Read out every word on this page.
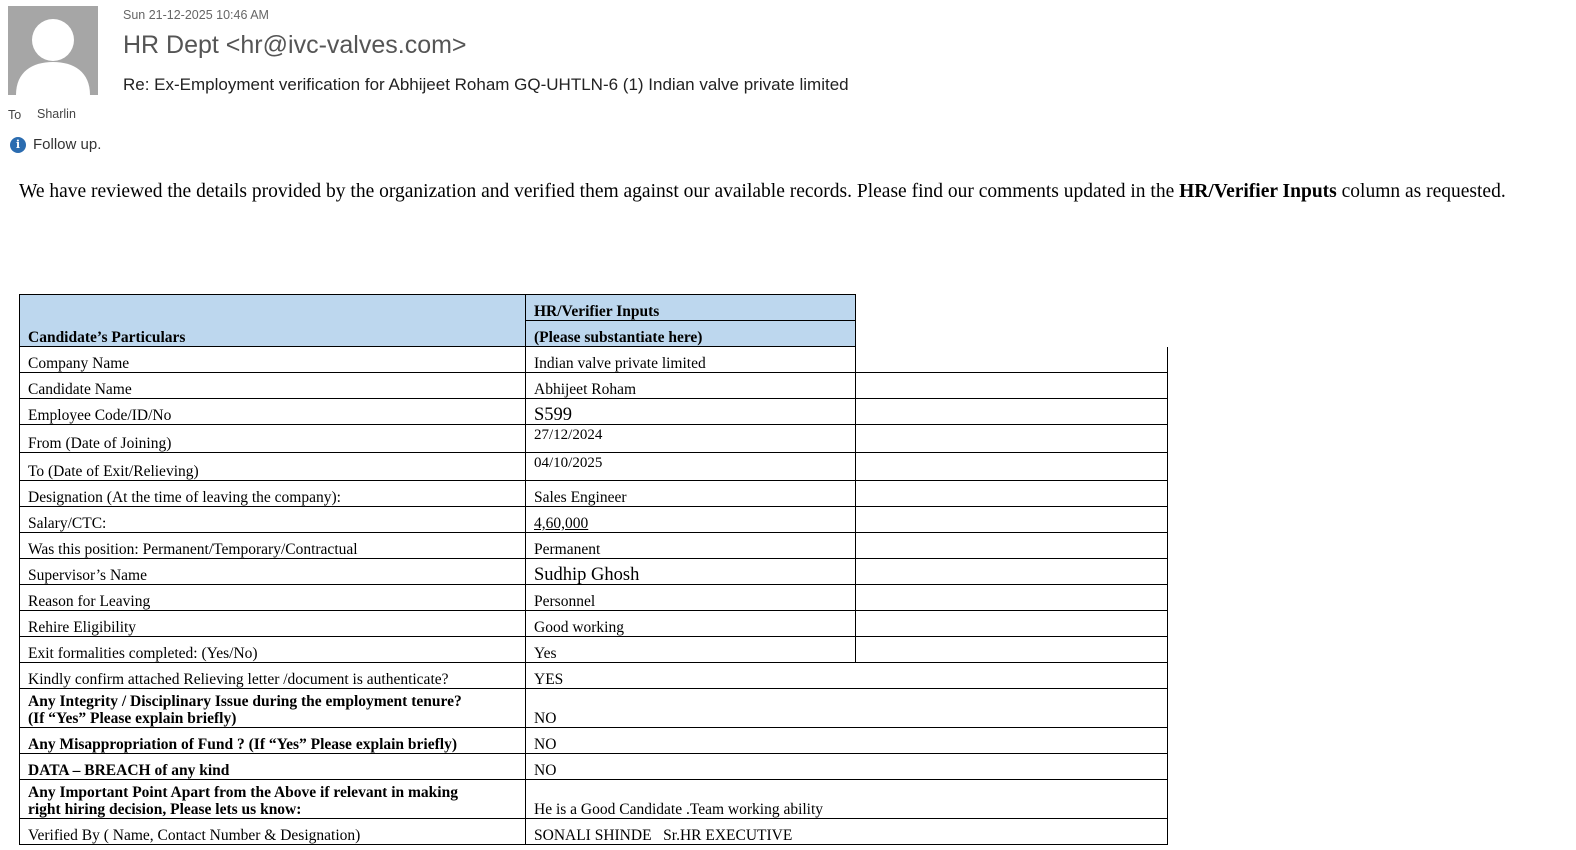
Sun 21-12-2025 10:46 AM
HR Dept <hr@ivc-valves.com>
Re: Ex-Employment verification for Abhijeet Roham GQ-UHTLN-6 (1) Indian valve private limited
To Sharlin
i Follow up.
We have reviewed the details provided by the organization and verified them against our available records. Please find our comments updated in the HR/Verifier Inputs column as requested.
Candidate’s Particulars	HR/Verifier Inputs	
	(Please substantiate here)	
Company Name	Indian valve private limited	
Candidate Name	Abhijeet Roham	
Employee Code/ID/No	S599	
From (Date of Joining)	27/12/2024	
To (Date of Exit/Relieving)	04/10/2025	
Designation (At the time of leaving the company):	Sales Engineer	
Salary/CTC:	4,60,000	
Was this position: Permanent/Temporary/Contractual	Permanent	
Supervisor’s Name	Sudhip Ghosh	
Reason for Leaving	Personnel	
Rehire Eligibility	Good working	
Exit formalities completed: (Yes/No)	Yes	
Kindly confirm attached Relieving letter /document is authenticate?	YES	
Any Integrity / Disciplinary Issue during the employment tenure?
(If “Yes” Please explain briefly)	NO	
Any Misappropriation of Fund ? (If “Yes” Please explain briefly)	NO	
DATA – BREACH of any kind	NO	
Any Important Point Apart from the Above if relevant in making
right hiring decision, Please lets us know:	He is a Good Candidate .Team working ability	
Verified By ( Name, Contact Number & Designation)	SONALI SHINDE   Sr.HR EXECUTIVE	
